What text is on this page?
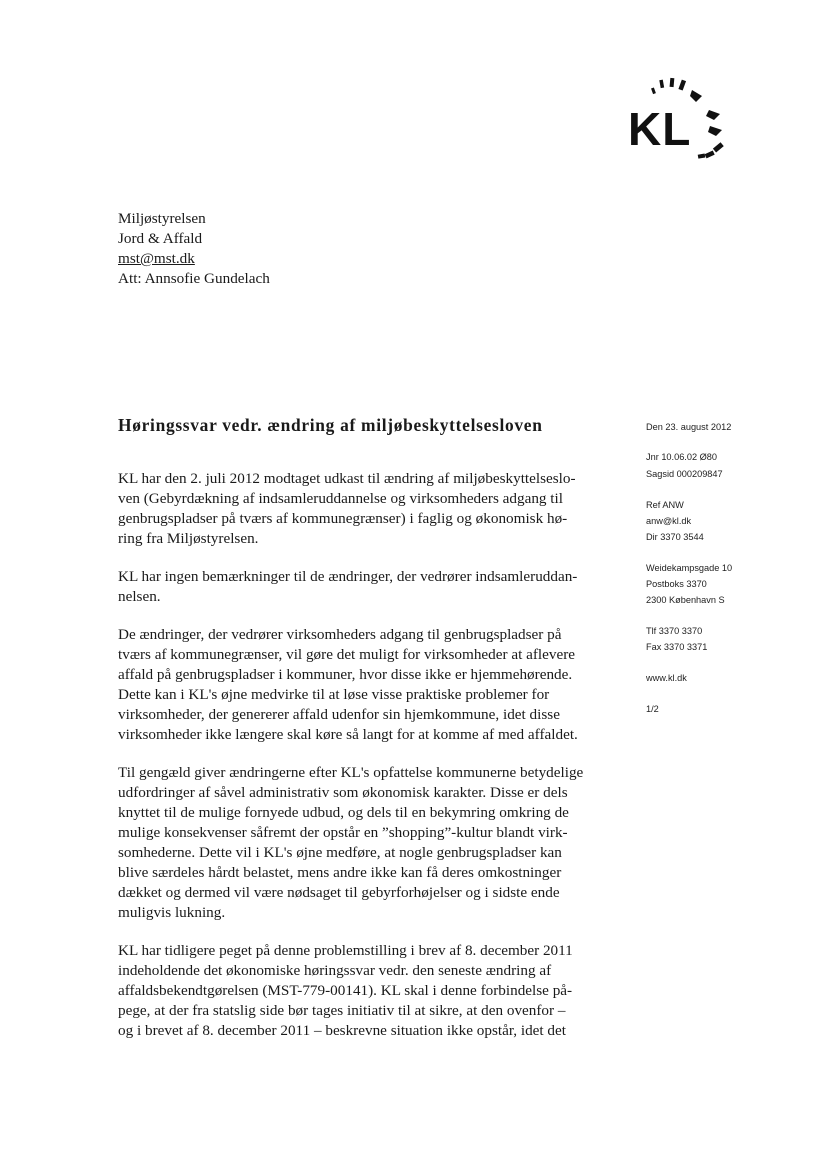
KL
Miljøstyrelsen
Jord & Affald
mst@mst.dk
Att: Annsofie Gundelach
Høringssvar vedr. ændring af miljøbeskyttelsesloven	Den 23. august 2012
Jnr 10.06.02 Ø80
Sagsid 000209847
Ref ANW
anw@kl.dk
Dir 3370 3544
Weidekampsgade 10
Postboks 3370
2300 København S
Tlf 3370 3370
Fax 3370 3371
www.kl.dk
1/2

KL har den 2. juli 2012 modtaget udkast til ændring af miljøbeskyttelseslo-
ven (Gebyrdækning af indsamleruddannelse og virksomheders adgang til
genbrugspladser på tværs af kommunegrænser) i faglig og økonomisk hø-
ring fra Miljøstyrelsen.

KL har ingen bemærkninger til de ændringer, der vedrører indsamleruddan-
nelsen.

De ændringer, der vedrører virksomheders adgang til genbrugspladser på
tværs af kommunegrænser, vil gøre det muligt for virksomheder at aflevere
affald på genbrugspladser i kommuner, hvor disse ikke er hjemmehørende.
Dette kan i KL's øjne medvirke til at løse visse praktiske problemer for
virksomheder, der genererer affald udenfor sin hjemkommune, idet disse
virksomheder ikke længere skal køre så langt for at komme af med affaldet.

Til gengæld giver ændringerne efter KL's opfattelse kommunerne betydelige
udfordringer af såvel administrativ som økonomisk karakter. Disse er dels
knyttet til de mulige fornyede udbud, og dels til en bekymring omkring de
mulige konsekvenser såfremt der opstår en ”shopping”-kultur blandt virk-
somhederne. Dette vil i KL's øjne medføre, at nogle genbrugspladser kan
blive særdeles hårdt belastet, mens andre ikke kan få deres omkostninger
dækket og dermed vil være nødsaget til gebyrforhøjelser og i sidste ende
muligvis lukning.

KL har tidligere peget på denne problemstilling i brev af 8. december 2011
indeholdende det økonomiske høringssvar vedr. den seneste ændring af
affaldsbekendtgørelsen (MST-779-00141). KL skal i denne forbindelse på-
pege, at der fra statslig side bør tages initiativ til at sikre, at den ovenfor –
og i brevet af 8. december 2011 – beskrevne situation ikke opstår, idet det
